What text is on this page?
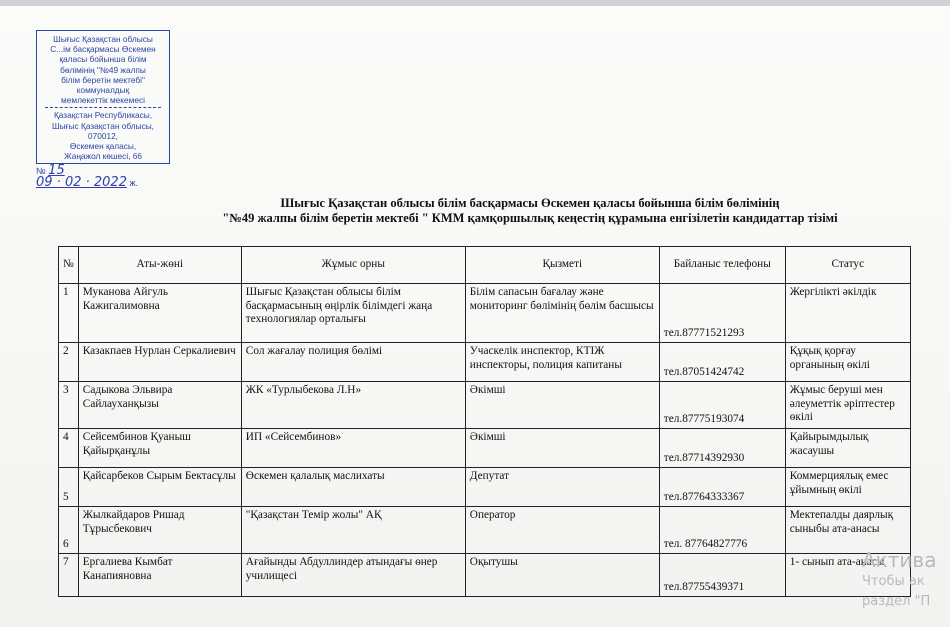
Шығыс Қазақстан облысы
С...ім басқармасы Өскемен
қаласы бойынша білім
бөлімінің "№49 жалпы
білім беретін мектебі"
коммуналдық
мемлекеттік мекемесі
Қазақстан Республикасы,
Шығыс Қазақстан облысы,
070012,
Өскемен қаласы,
Жаңажол көшесі, 66
№ 15
09 · 02 · 2022 ж.
Шығыс Қазақстан облысы білім басқармасы Өскемен қаласы бойынша білім бөлімінің
"№49 жалпы білім беретін мектебі " КММ қамқоршылық кеңестің құрамына енгізілетін кандидаттар тізімі
№	Аты-жөні	Жұмыс орны	Қызметі	Байланыс телефоны	Статус
1	Муканова Айгуль Кажигалимовна	Шығыс Қазақстан облысы білім басқармасының өңірлік білімдегі жаңа технологиялар орталығы	Білім сапасын бағалау және мониторинг бөлімінің бөлім басшысы	тел.87771521293	Жергілікті әкілдік
2	Казакпаев Нурлан Серкалиевич	Сол жағалау полиция бөлімі	Учаскелік инспектор, КТІЖ инспекторы, полиция капитаны	тел.87051424742	Құқық қорғау органының өкілі
3	Садыкова Эльвира Сайлауханқызы	ЖК «Турлыбекова Л.Н»	Әкімші	тел.87775193074	Жұмыс беруші мен әлеуметтік әріптестер өкілі
4	Сейсембинов Қуаныш Қайырқанұлы	ИП «Сейсембинов»	Әкімші	тел.87714392930	Қайырымдылық жасаушы
5	Қайсарбеков Сырым Бектасұлы	Өскемен қалалық маслихаты	Депутат	тел.87764333367	Коммерциялық емес ұйымның өкілі
6	Жылкайдаров Ришад Тұрысбекович	"Қазақстан Темір жолы" АҚ	Оператор	тел. 87764827776	Мектепалды даярлық сыныбы ата-анасы
7	Ергалиева Кымбат Канапияновна	Ағайынды Абдуллиндер атындағы өнер училищесі	Оқытушы	тел.87755439371	1- сынып ата-анасы
Актива
Чтобы ак
раздел "П
